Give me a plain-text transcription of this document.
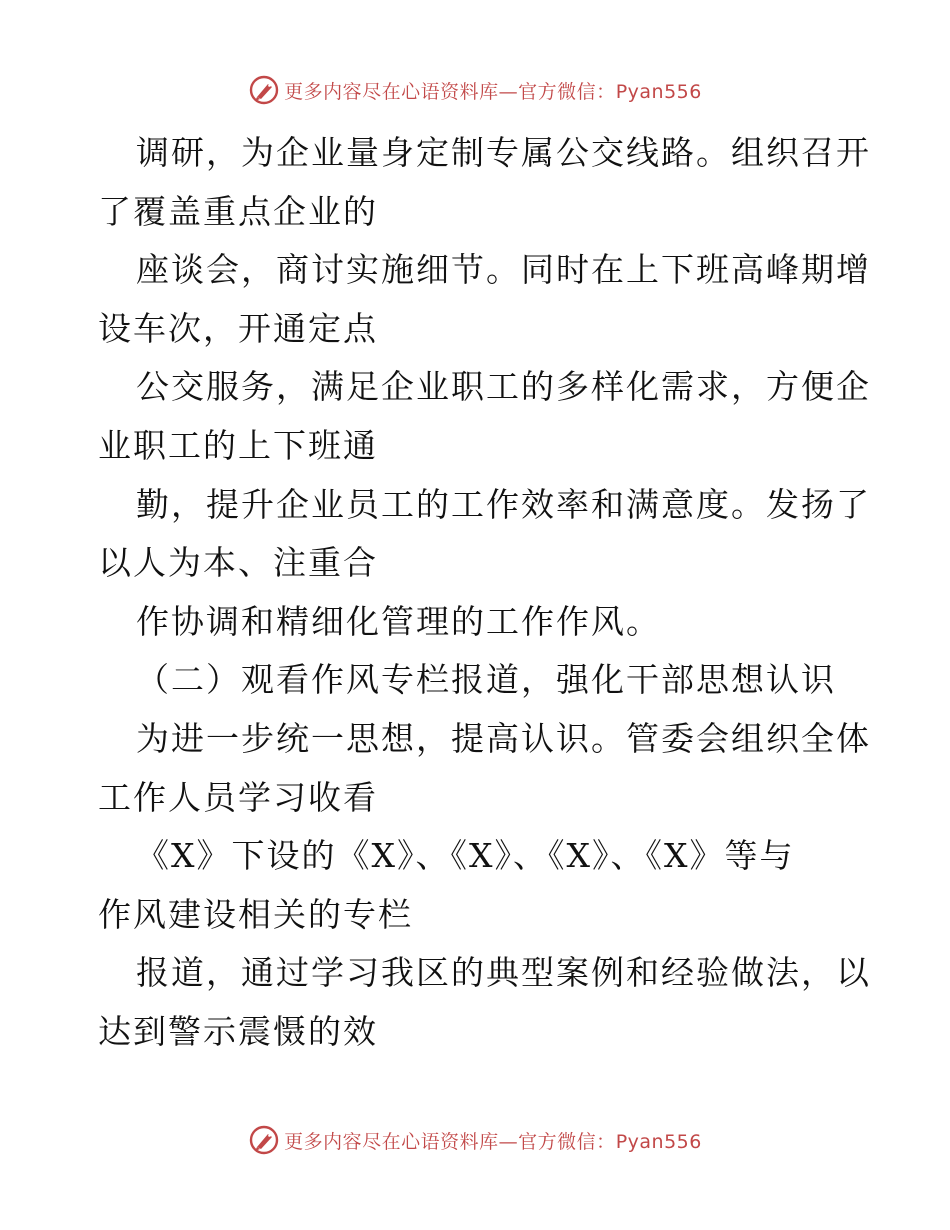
更多内容尽在心语资料库—官方微信：Pyan556
调研，为企业量身定制专属公交线路。组织召开
了覆盖重点企业的
座谈会，商讨实施细节。同时在上下班高峰期增
设车次，开通定点
公交服务，满足企业职工的多样化需求，方便企
业职工的上下班通
勤，提升企业员工的工作效率和满意度。发扬了
以人为本、注重合
作协调和精细化管理的工作作风。
（二）观看作风专栏报道，强化干部思想认识
为进一步统一思想，提高认识。管委会组织全体
工作人员学习收看
《X》下设的《X》、《X》、《X》、《X》等与
作风建设相关的专栏
报道，通过学习我区的典型案例和经验做法，以
达到警示震慑的效
更多内容尽在心语资料库—官方微信：Pyan556
